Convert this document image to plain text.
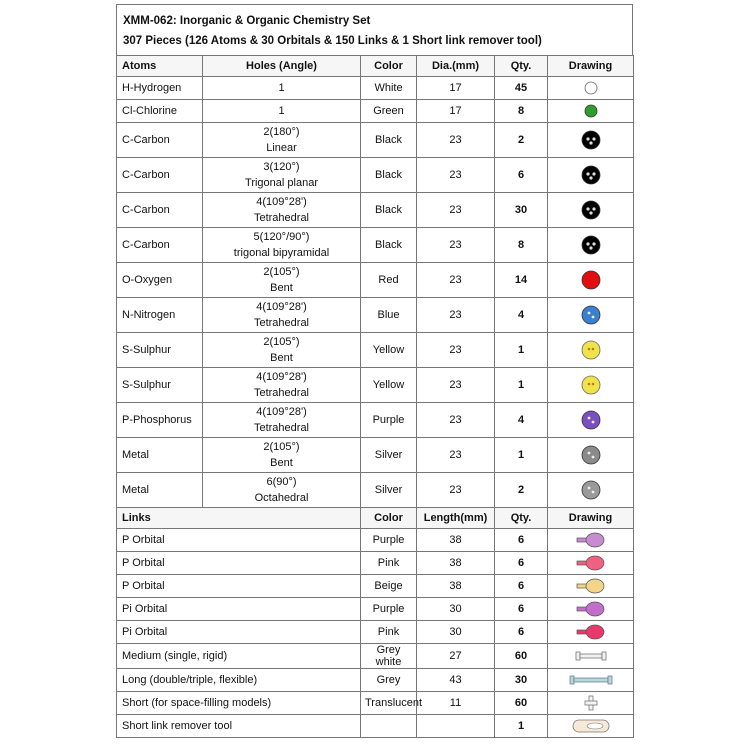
XMM-062: Inorganic & Organic Chemistry Set
307 Pieces (126 Atoms & 30 Orbitals & 150 Links & 1 Short link remover tool)
Atoms	Holes (Angle)	Color	Dia.(mm)	Qty.	Drawing
H-Hydrogen	1	White	17	45	

Cl-Chlorine	1	Green	17	8	

C-Carbon	2(180°)
Linear	Black	23	2	

C-Carbon	3(120°)
Trigonal planar	Black	23	6	

C-Carbon	4(109°28')
Tetrahedral	Black	23	30	

C-Carbon	5(120°/90°)
trigonal bipyramidal	Black	23	8	

O-Oxygen	2(105°)
Bent	Red	23	14	

N-Nitrogen	4(109°28')
Tetrahedral	Blue	23	4	

S-Sulphur	2(105°)
Bent	Yellow	23	1	

S-Sulphur	4(109°28')
Tetrahedral	Yellow	23	1	

P-Phosphorus	4(109°28')
Tetrahedral	Purple	23	4	

Metal	2(105°)
Bent	Silver	23	1	

Metal	6(90°)
Octahedral	Silver	23	2	

Links		Color	Length(mm)	Qty.	Drawing
P Orbital		Purple	38	6	

P Orbital		Pink	38	6	

P Orbital		Beige	38	6	

Pi Orbital		Purple	30	6	

Pi Orbital		Pink	30	6	

Medium (single, rigid)		Grey white	27	60	

Long (double/triple, flexible)		Grey	43	30	

Short (for space-filling models)		Translucent	11	60	

Short link remover tool				1	
